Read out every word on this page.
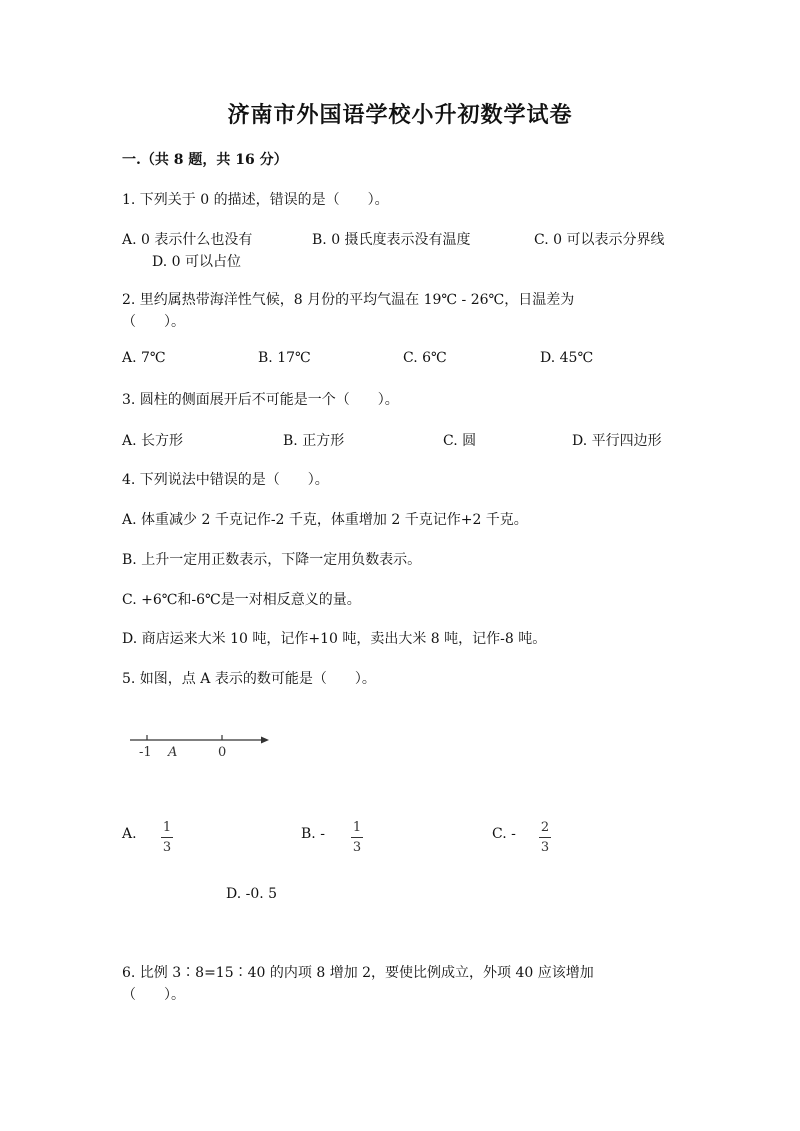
济南市外国语学校小升初数学试卷
一.（共 8 题，共 16 分）
1. 下列关于 0 的描述，错误的是（　　）。
A. 0 表示什么也没有	B. 0 摄氏度表示没有温度	C. 0 可以表示分界线
D. 0 可以占位
2. 里约属热带海洋性气候，8 月份的平均气温在 19℃ - 26℃，日温差为
（　　）。
A. 7℃	B. 17℃	C. 6℃	D. 45℃
3. 圆柱的侧面展开后不可能是一个（　　）。
A. 长方形	B. 正方形	C. 圆	D. 平行四边形
4. 下列说法中错误的是（　　）。
A. 体重减少 2 千克记作-2 千克，体重增加 2 千克记作+2 千克。
B. 上升一定用正数表示，下降一定用负数表示。
C. +6℃和-6℃是一对相反意义的量。
D. 商店运来大米 10 吨，记作+10 吨，卖出大米 8 吨，记作-8 吨。
5. 如图，点 A 表示的数可能是（　　）。
-1 A	0
A. 1
3
B. - 1
3
C. - 2
3
D. -0. 5
6. 比例 3∶8=15∶40 的内项 8 增加 2，要使比例成立，外项 40 应该增加
（　　）。
